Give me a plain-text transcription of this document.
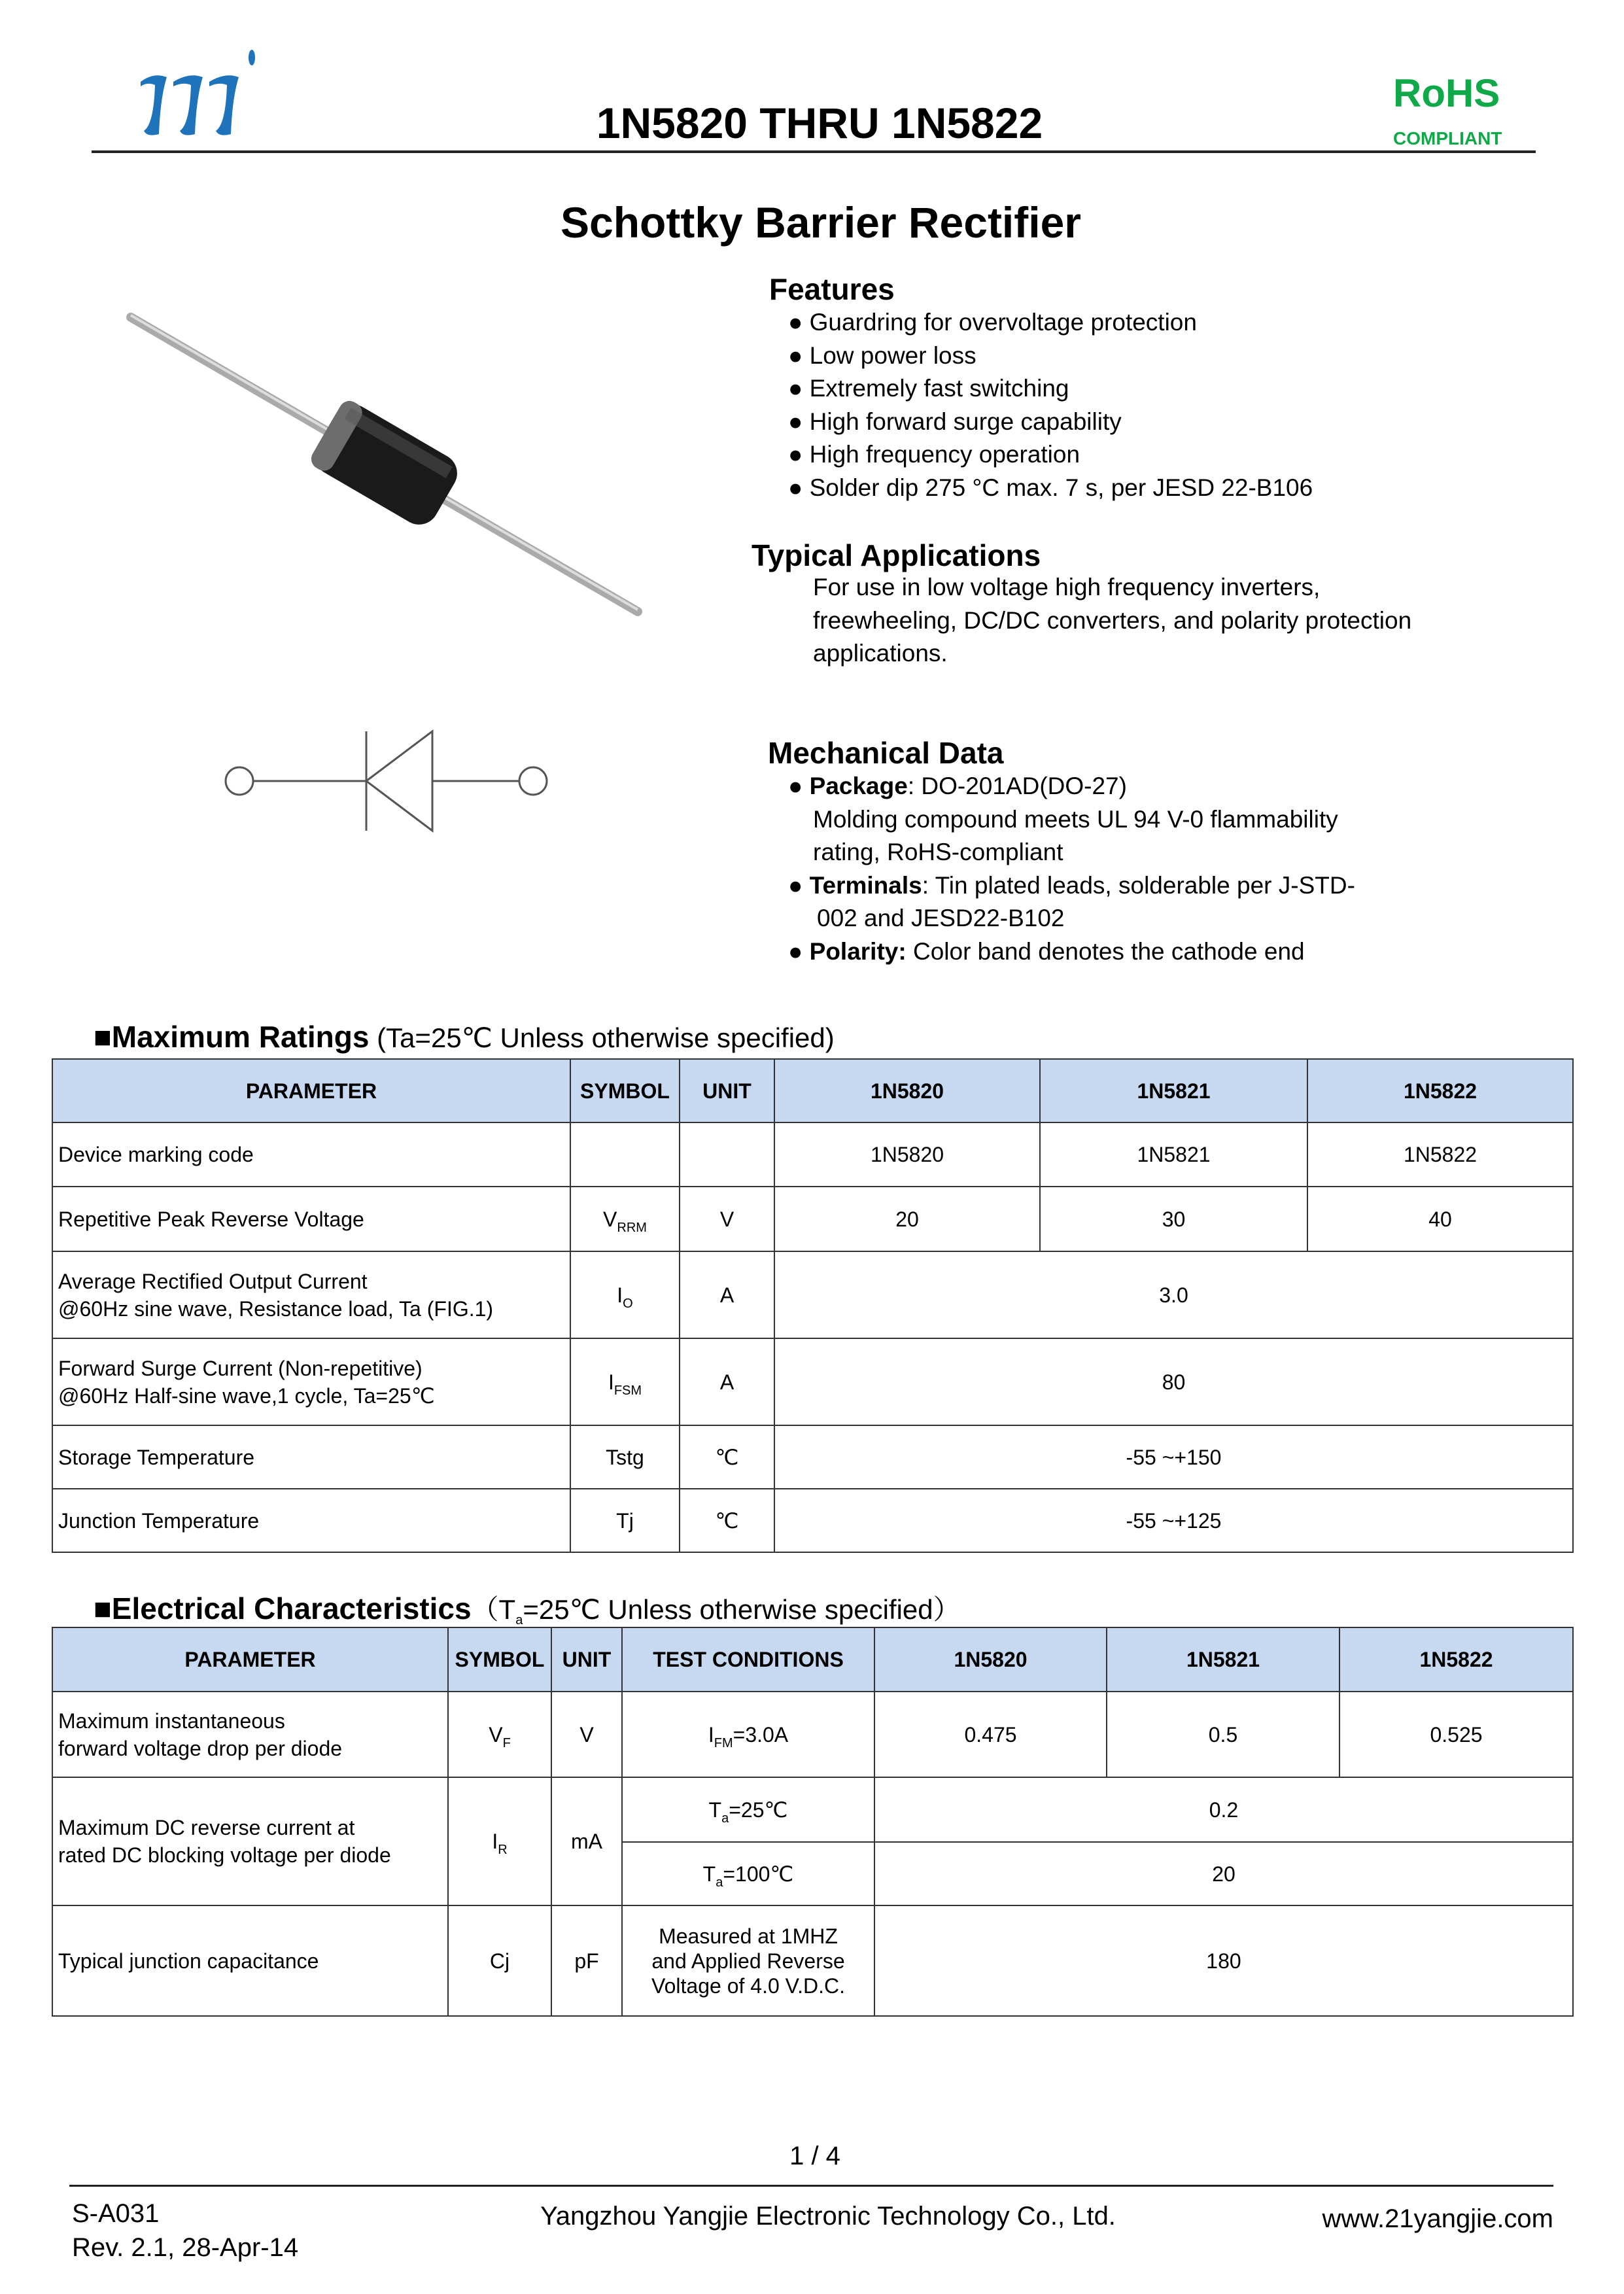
1N5820 THRU 1N5822
RoHS
COMPLIANT
Schottky Barrier Rectifier
Features
● Guardring for overvoltage protection
● Low power loss
● Extremely fast switching
● High forward surge capability
● High frequency operation
● Solder dip 275 °C max. 7 s, per JESD 22-B106
Typical Applications
For use in low voltage high frequency inverters,
freewheeling, DC/DC converters, and polarity protection
applications.
Mechanical Data
● Package: DO-201AD(DO-27)
Molding compound meets UL 94 V-0 flammability
rating, RoHS-compliant
● Terminals: Tin plated leads, solderable per J-STD-
002 and JESD22-B102
● Polarity: Color band denotes the cathode end
■Maximum Ratings (Ta=25℃ Unless otherwise specified)
PARAMETER	SYMBOL	UNIT	1N5820	1N5821	1N5822

Device marking code			1N5820	1N5821	1N5822

Repetitive Peak Reverse Voltage	$V_{RRM}$	V	20	30	40

Average Rectified Output Current
@60Hz sine wave, Resistance load, Ta (FIG.1)	$I_O$	A	3.0		

Forward Surge Current (Non-repetitive)
@60Hz Half-sine wave,1 cycle, Ta=25℃	$I_{FSM}$	A	80		

Storage Temperature	Tstg	℃	-55 ~+150		

Junction Temperature	Tj	℃	-55 ~+125		
■Electrical $Characteristics(T_a=25℃$ Unless otherwise specified）
PARAMETER	SYMBOL	UNIT	TEST CONDITIONS	1N5820	1N5821	1N5822

Maximum instantaneous
forward voltage drop per diode	$V_F$	V	$I_{FM}=3.0A$	0.475	0.5	0.525

Maximum DC reverse current at
rated DC blocking voltage per diode	$I_R$	mA	$T_a=25℃$	0.2		
			$T_a=100℃$	20		
Typical junction capacitance	Cj	pF	Measured at 1MHZ
and Applied Reverse
Voltage of 4.0 V.D.C.	180		
1 / 4
S-A031
Rev. 2.1, 28-Apr-14
Yangzhou Yangjie Electronic Technology Co., Ltd.	www.21yangjie.com
